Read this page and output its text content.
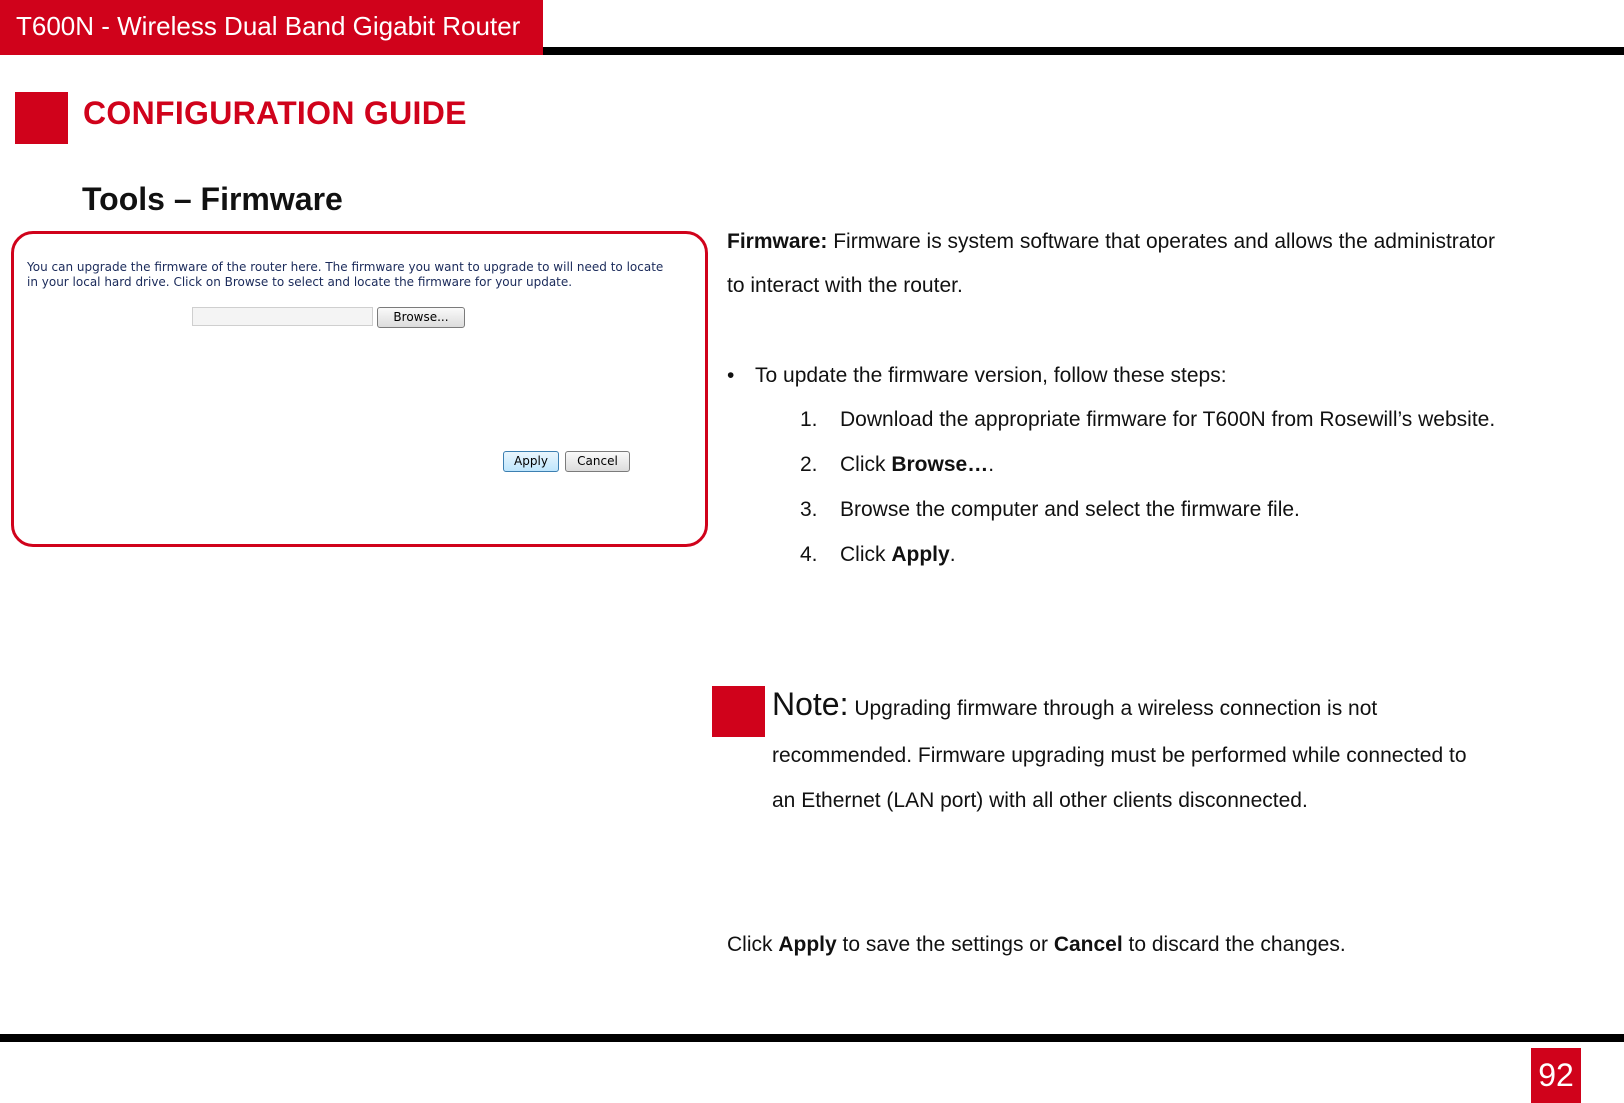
T600N - Wireless Dual Band Gigabit Router
CONFIGURATION GUIDE
Tools – Firmware
You can upgrade the firmware of the router here. The firmware you want to upgrade to will need to locate
in your local hard drive. Click on Browse to select and locate the firmware for your update.
Browse...
Apply	Cancel
Firmware: Firmware is system software that operates and allows the administrator
to interact with the router.
• To update the firmware version, follow these steps:
1.	Download the appropriate firmware for T600N from Rosewill’s website.
2.	Click Browse….
3.	Browse the computer and select the firmware file.
4.	Click Apply.
Note: Upgrading firmware through a wireless connection is not
recommended. Firmware upgrading must be performed while connected to
an Ethernet (LAN port) with all other clients disconnected.
Click Apply to save the settings or Cancel to discard the changes.
92
